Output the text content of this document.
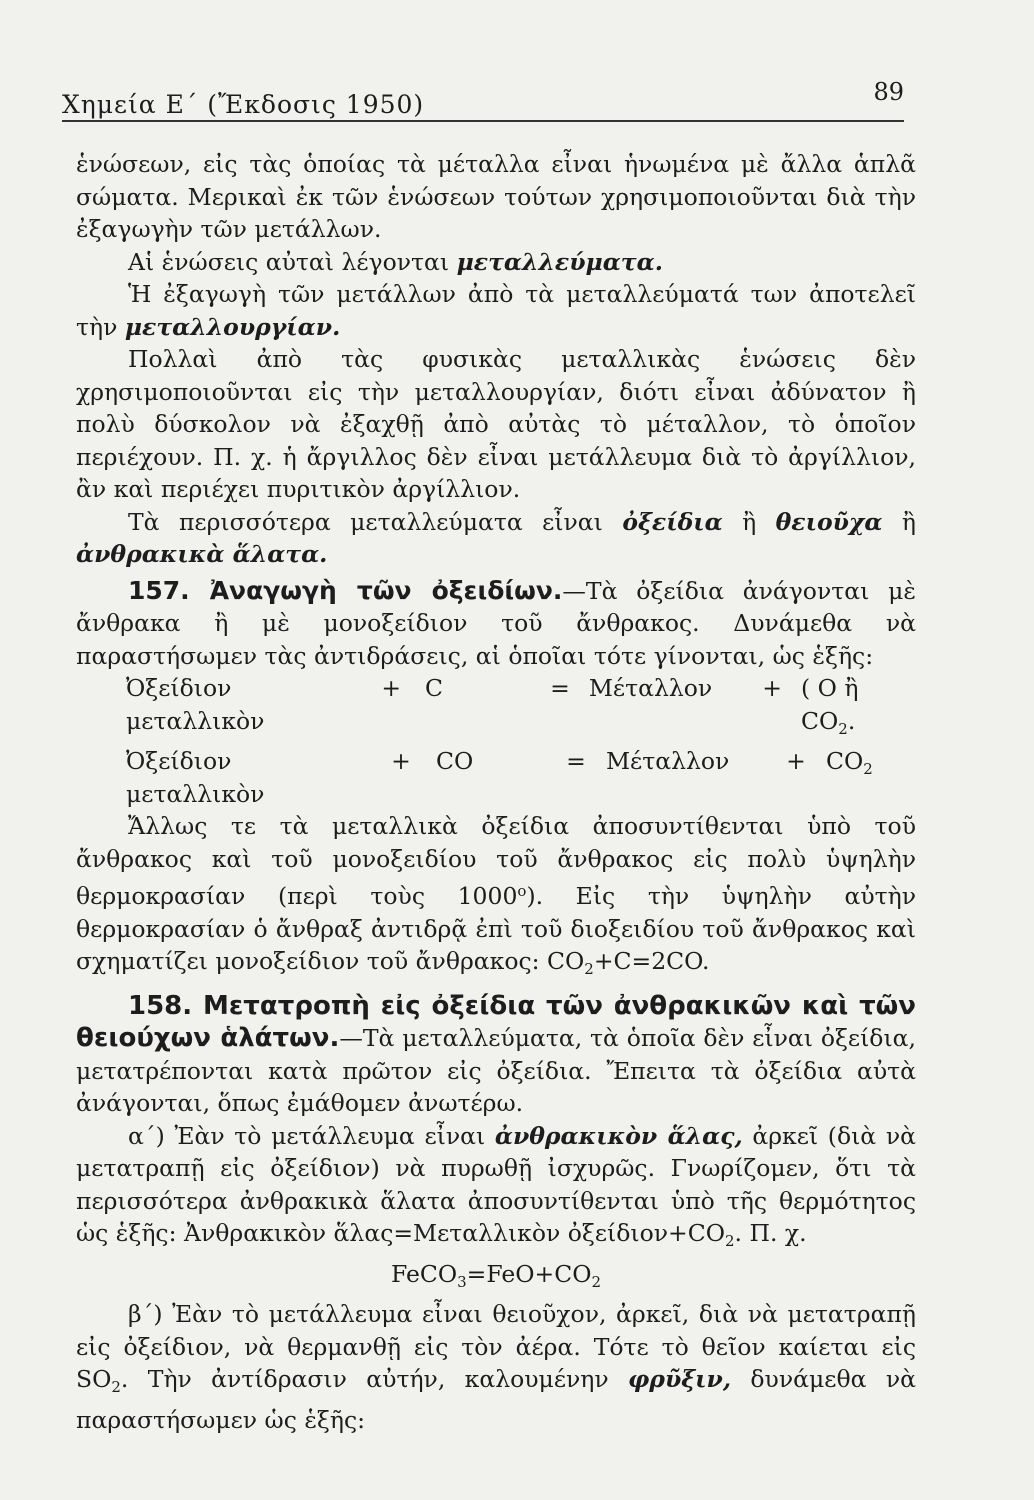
Χημεία Ε΄ (Ἔκδοσις 1950)	89

ἑνώσεων, εἰς τὰς ὁποίας τὰ μέταλλα εἶναι ἡνωμένα μὲ ἄλλα ἁπλᾶ σώματα. Μερικαὶ ἐκ τῶν ἑνώσεων τούτων χρησιμοποιοῦνται διὰ τὴν ἐξαγωγὴν τῶν μετάλλων.

Αἱ ἑνώσεις αὐταὶ λέγονται μεταλλεύματα.

Ἡ ἐξαγωγὴ τῶν μετάλλων ἀπὸ τὰ μεταλλεύματά των ἀποτελεῖ τὴν μεταλλουργίαν.

Πολλαὶ ἀπὸ τὰς φυσικὰς μεταλλικὰς ἑνώσεις δὲν χρησιμοποιοῦνται εἰς τὴν μεταλλουργίαν, διότι εἶναι ἀδύνατον ἢ πολὺ δύσκολον νὰ ἐξαχθῇ ἀπὸ αὐτὰς τὸ μέταλλον, τὸ ὁποῖον περιέχουν. Π. χ. ἡ ἄργιλλος δὲν εἶναι μετάλλευμα διὰ τὸ ἀργίλλιον, ἂν καὶ περιέχει πυριτικὸν ἀργίλλιον.

Τὰ περισσότερα μεταλλεύματα εἶναι ὀξείδια ἢ θειοῦχα ἢ ἀνθρακικὰ ἅλατα.

157. Ἀναγωγὴ τῶν ὀξειδίων.—Τὰ ὀξείδια ἀνάγονται μὲ ἄνθρακα ἢ μὲ μονοξείδιον τοῦ ἄνθρακος. Δυνάμεθα νὰ παραστήσωμεν τὰς ἀντιδράσεις, αἱ ὁποῖαι τότε γίνονται, ὡς ἑξῆς:

Ὀξείδιον μεταλλικὸν
+	C	= Μέταλλον	+ ( O ἢ $CO_2$.
Ὀξείδιον μεταλλικὸν
+	CO	= Μέταλλον	+ $CO_2$

Ἄλλως τε τὰ μεταλλικὰ ὀξείδια ἀποσυντίθενται ὑπὸ τοῦ ἄνθρακος καὶ τοῦ μονοξειδίου τοῦ ἄνθρακος εἰς πολὺ ὑψηλὴν θερμοκρασίαν (περὶ τοὺς $1000^o$). Εἰς τὴν ὑψηλὴν αὐτὴν θερμοκρασίαν ὁ ἄνθραξ ἀντιδρᾷ ἐπὶ τοῦ διοξειδίου τοῦ ἄνθρακος καὶ σχηματίζει μονοξείδιον τοῦ ἄνθρακος: $CO_2+C=2CO$.

158. Μετατροπὴ εἰς ὀξείδια τῶν ἀνθρακικῶν καὶ τῶν θειούχων ἁλάτων.—Τὰ μεταλλεύματα, τὰ ὁποῖα δὲν εἶναι ὀξείδια, μετατρέπονται κατὰ πρῶτον εἰς ὀξείδια. Ἔπειτα τὰ ὀξείδια αὐτὰ ἀνάγονται, ὅπως ἐμάθομεν ἀνωτέρω.

α΄) Ἐὰν τὸ μετάλλευμα εἶναι ἀνθρακικὸν ἅλας, ἀρκεῖ (διὰ νὰ μετατραπῇ εἰς ὀξείδιον) νὰ πυρωθῇ ἰσχυρῶς. Γνωρίζομεν, ὅτι τὰ περισσότερα ἀνθρακικὰ ἅλατα ἀποσυντίθενται ὑπὸ τῆς θερμότητος ὡς ἑξῆς: Ἀνθρακικὸν ἅλας=Μεταλλικὸν $ὀ\xi\varepsilon ί\delta\iota o\nu+CO_2$. Π. χ.

$FeCO_3=FeO+CO_2$

β΄) Ἐὰν τὸ μετάλλευμα εἶναι θειοῦχον, ἀρκεῖ, διὰ νὰ μετατραπῇ εἰς ὀξείδιον, νὰ θερμανθῇ εἰς τὸν ἀέρα. Τότε τὸ θεῖον καίεται εἰς $SO_2$. Τὴν ἀντίδρασιν αὐτήν, καλουμένην φρῦξιν, δυνάμεθα νὰ παραστήσωμεν ὡς ἑξῆς:
